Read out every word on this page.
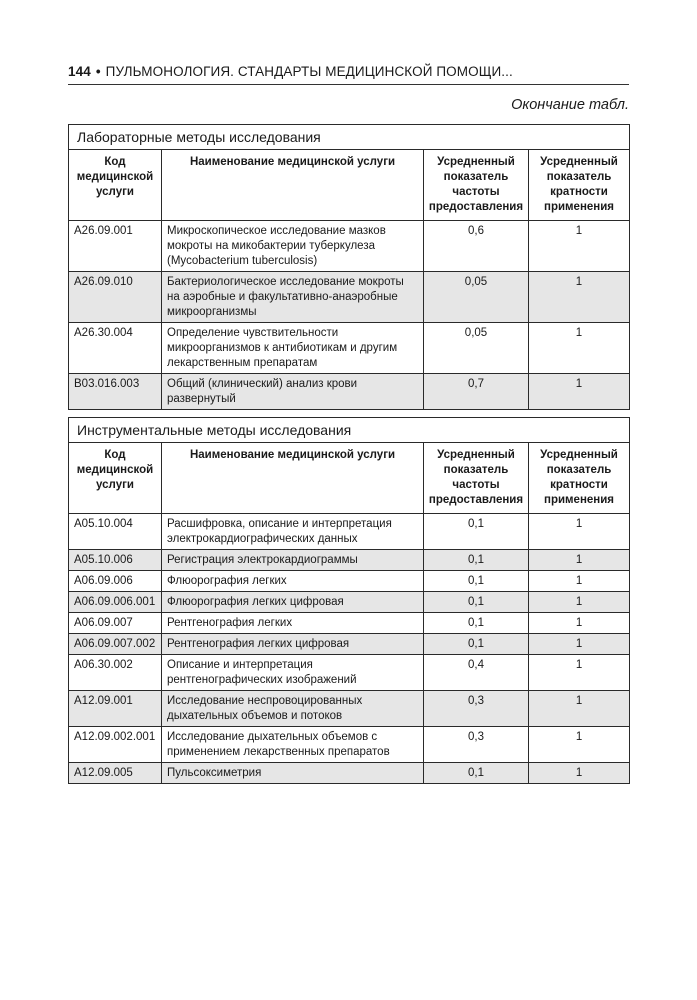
144 • ПУЛЬМОНОЛОГИЯ. СТАНДАРТЫ МЕДИЦИНСКОЙ ПОМОЩИ...
Окончание табл.
Лабораторные методы исследования			
Код медицинской услуги	Наименование медицинской услуги	Усредненный показатель частоты предоставления	Усредненный показатель кратности применения
A26.09.001	Микроскопическое исследование мазков мокроты на микобактерии туберкулеза (Mycobacterium tuberculosis)	0,6	1
A26.09.010	Бактериологическое исследование мокроты на аэробные и факультативно-анаэробные микроорганизмы	0,05	1
A26.30.004	Определение чувствительности микроорганизмов к антибиотикам и другим лекарственным препаратам	0,05	1
B03.016.003	Общий (клинический) анализ крови развернутый	0,7	1
Инструментальные методы исследования			
Код медицинской услуги	Наименование медицинской услуги	Усредненный показатель частоты предоставления	Усредненный показатель кратности применения
A05.10.004	Расшифровка, описание и интерпретация электрокардиографических данных	0,1	1
A05.10.006	Регистрация электрокардиограммы	0,1	1
A06.09.006	Флюорография легких	0,1	1
A06.09.006.001	Флюорография легких цифровая	0,1	1
A06.09.007	Рентгенография легких	0,1	1
A06.09.007.002	Рентгенография легких цифровая	0,1	1
A06.30.002	Описание и интерпретация рентгенографических изображений	0,4	1
A12.09.001	Исследование неспровоцированных дыхательных объемов и потоков	0,3	1
A12.09.002.001	Исследование дыхательных объемов с применением лекарственных препаратов	0,3	1
A12.09.005	Пульсоксиметрия	0,1	1
